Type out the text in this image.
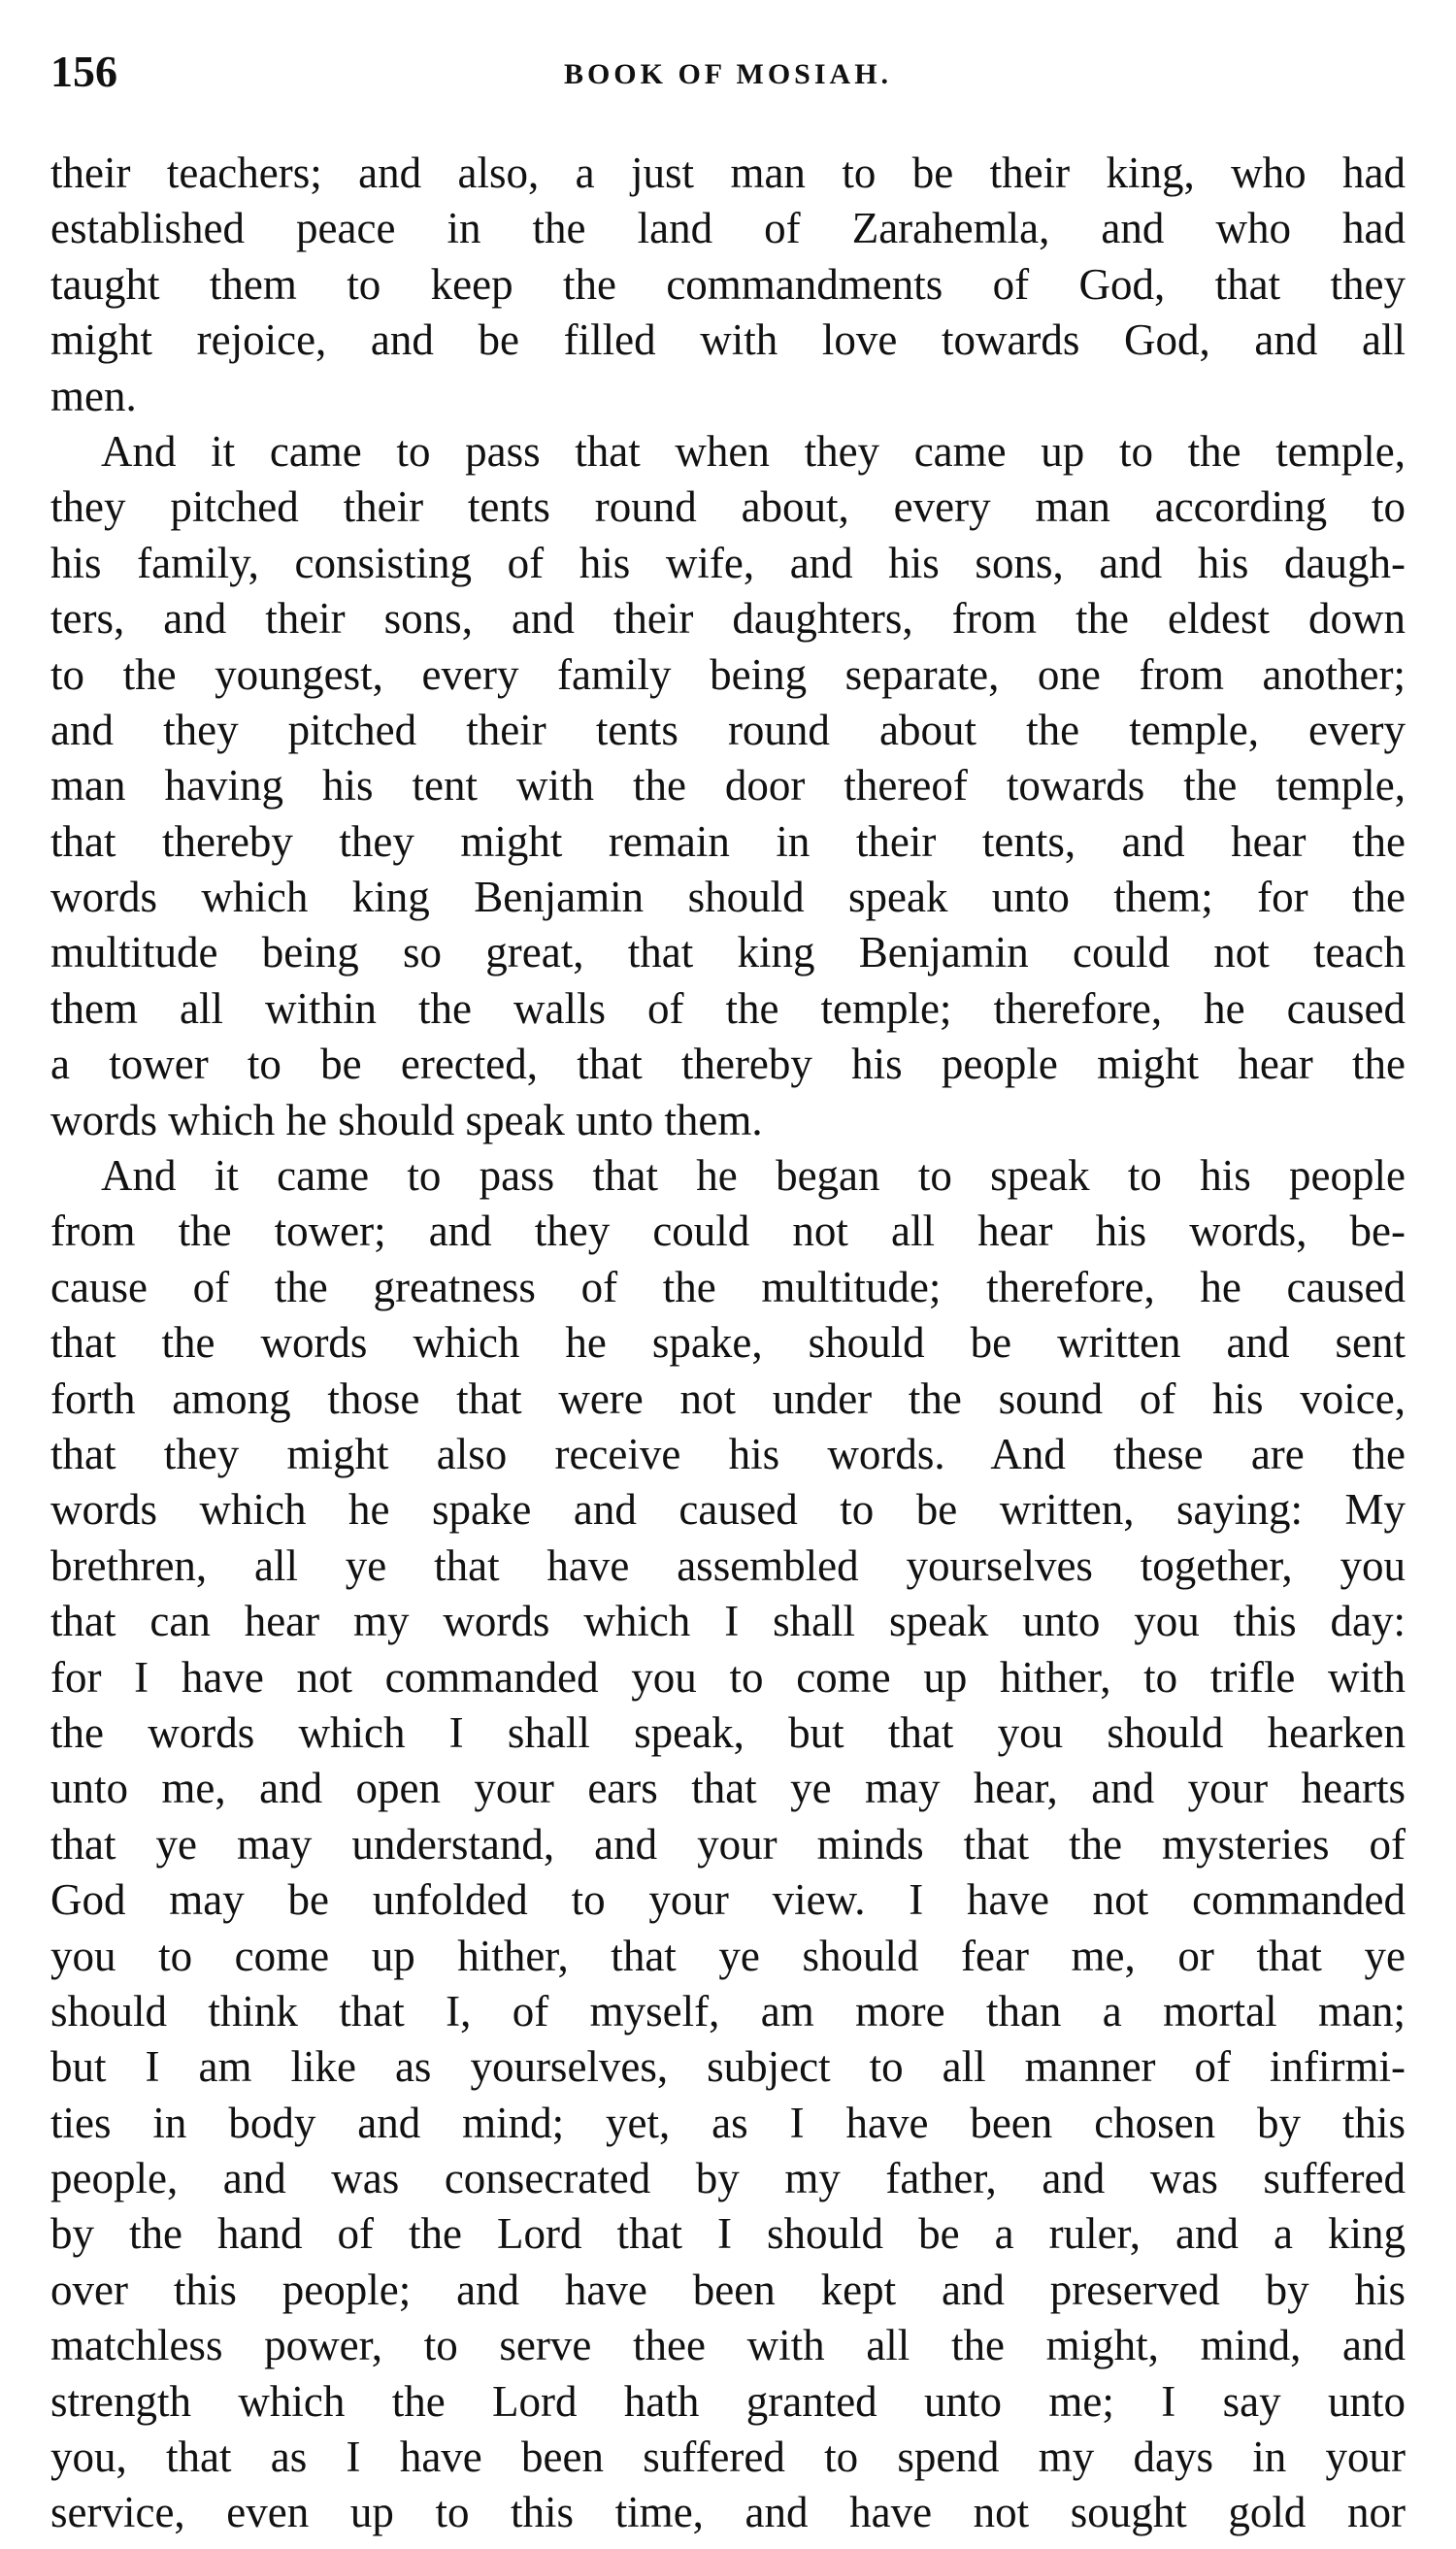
156	BOOK OF MOSIAH.
their teachers; and also, a just man to be their king, who had
established peace in the land of Zarahemla, and who had
taught them to keep the commandments of God, that they
might rejoice, and be filled with love towards God, and all
men.
And it came to pass that when they came up to the temple,
they pitched their tents round about, every man according to
his family, consisting of his wife, and his sons, and his daugh-
ters, and their sons, and their daughters, from the eldest down
to the youngest, every family being separate, one from another;
and they pitched their tents round about the temple, every
man having his tent with the door thereof towards the temple,
that thereby they might remain in their tents, and hear the
words which king Benjamin should speak unto them; for the
multitude being so great, that king Benjamin could not teach
them all within the walls of the temple; therefore, he caused
a tower to be erected, that thereby his people might hear the
words which he should speak unto them.
And it came to pass that he began to speak to his people
from the tower; and they could not all hear his words, be-
cause of the greatness of the multitude; therefore, he caused
that the words which he spake, should be written and sent
forth among those that were not under the sound of his voice,
that they might also receive his words. And these are the
words which he spake and caused to be written, saying: My
brethren, all ye that have assembled yourselves together, you
that can hear my words which I shall speak unto you this day:
for I have not commanded you to come up hither, to trifle with
the words which I shall speak, but that you should hearken
unto me, and open your ears that ye may hear, and your hearts
that ye may understand, and your minds that the mysteries of
God may be unfolded to your view. I have not commanded
you to come up hither, that ye should fear me, or that ye
should think that I, of myself, am more than a mortal man;
but I am like as yourselves, subject to all manner of infirmi-
ties in body and mind; yet, as I have been chosen by this
people, and was consecrated by my father, and was suffered
by the hand of the Lord that I should be a ruler, and a king
over this people; and have been kept and preserved by his
matchless power, to serve thee with all the might, mind, and
strength which the Lord hath granted unto me; I say unto
you, that as I have been suffered to spend my days in your
service, even up to this time, and have not sought gold nor
